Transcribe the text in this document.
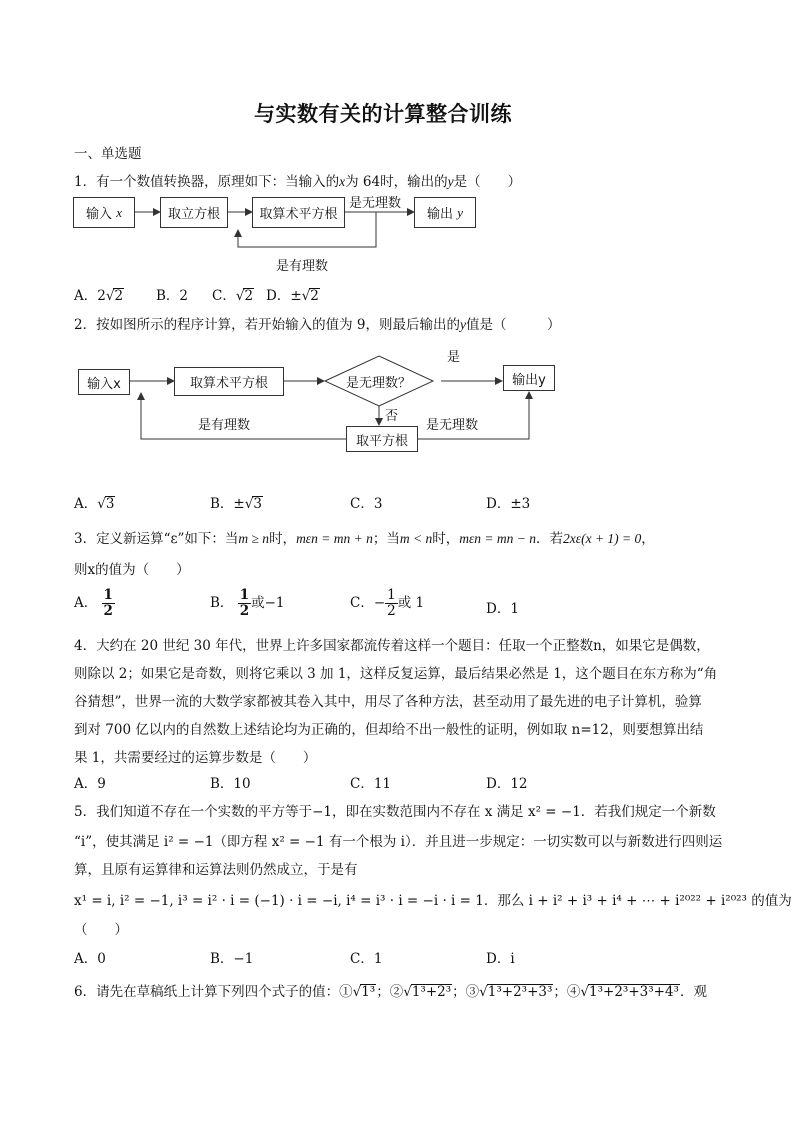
与实数有关的计算整合训练
一、单选题
1．有一个数值转换器，原理如下：当输入的x为 64时，输出的y是（　　）
输入
x	取立方根	取算术平方根
是无理数
输出
y
是有理数
A．2√2 B．2 C．√2 D．±√2
2．按如图所示的程序计算，若开始输入的值为 9，则最后输出的y值是（　　　）
输入x	取算术平方根	是无理数？
是
输出y
否
取平方根
是有理数	是无理数
A．√3	B．±√3	C．3	D．±3
3．定义新运算“ε”如下：当m ≥ n时，mεn = mn + n；当m < n时，mεn = mn − n．若2xε(x + 1) = 0，
则x的值为（　　）
A． $\frac{1}{2}$	B． $\frac{1}{2}$ 或−1	C．− $\frac{1}{2}$ 或 1	D．1
4．大约在 20 世纪 30 年代，世界上许多国家都流传着这样一个题目：任取一个正整数n，如果它是偶数，
则除以 2；如果它是奇数，则将它乘以 3 加 1，这样反复运算，最后结果必然是 1，这个题目在东方称为“角
谷猜想”，世界一流的大数学家都被其卷入其中，用尽了各种方法，甚至动用了最先进的电子计算机，验算
到对 700 亿以内的自然数上述结论均为正确的，但却给不出一般性的证明，例如取 n=12，则要想算出结
果 1，共需要经过的运算步数是（　　）
A．9	B．10	C．11	D．12
5．我们知道不存在一个实数的平方等于−1，即在实数范围内不存在 x 满足 x² = −1．若我们规定一个新数
“i”，使其满足 i² = −1（即方程 x² = −1 有一个根为 i）．并且进一步规定：一切实数可以与新数进行四则运
算，且原有运算律和运算法则仍然成立，于是有
x¹ = i, i² = −1, i³ = i² · i = (−1) · i = −i, i⁴ = i³ · i = −i · i = 1．那么 i + i² + i³ + i⁴ + ⋯ + i²⁰²² + i²⁰²³ 的值为
（　　）
A．0	B．−1	C．1	D．i
6．请先在草稿纸上计算下列四个式子的值：①√1³；②√1³+2³；③√1³+2³+3³；④√1³+2³+3³+4³．观
